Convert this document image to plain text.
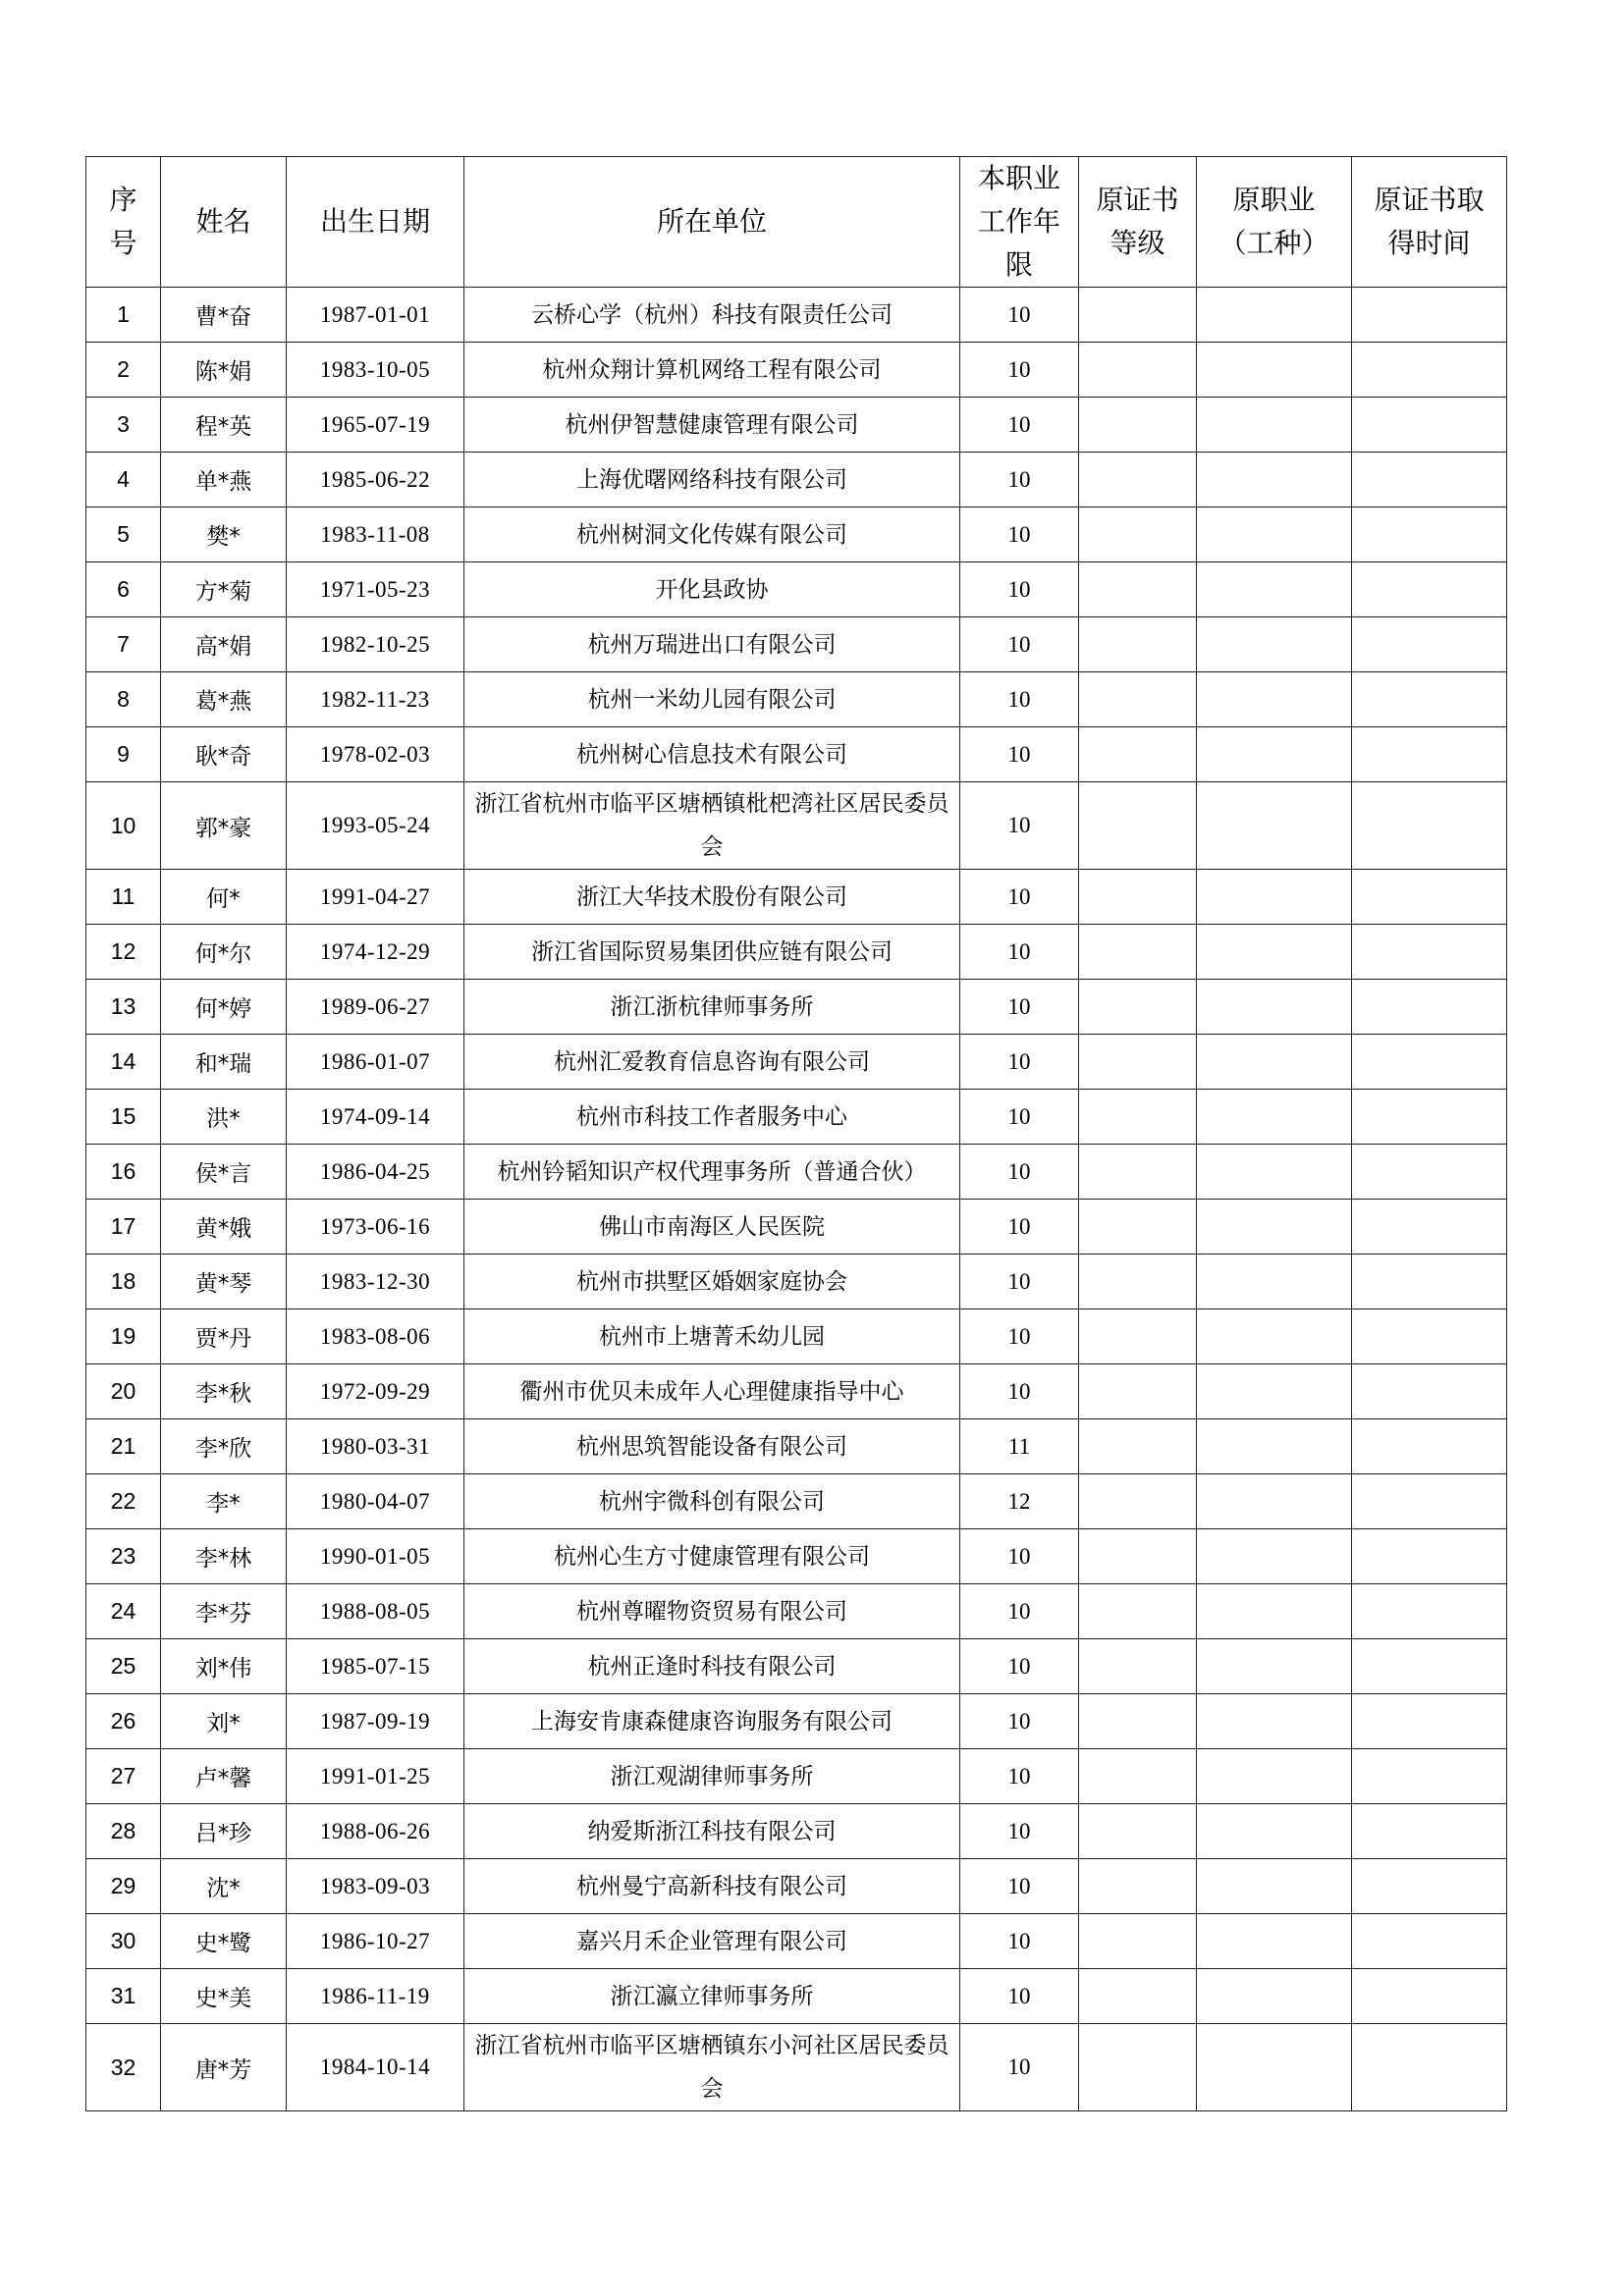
序号	姓名	出生日期	所在单位	本职业工作年限	原证书等级	原职业（工种）	原证书取得时间
1	曹*奋	1987-01-01	云桥心学（杭州）科技有限责任公司	10			
2	陈*娟	1983-10-05	杭州众翔计算机网络工程有限公司	10			
3	程*英	1965-07-19	杭州伊智慧健康管理有限公司	10			
4	单*燕	1985-06-22	上海优曙网络科技有限公司	10			
5	樊*	1983-11-08	杭州树洞文化传媒有限公司	10			
6	方*菊	1971-05-23	开化县政协	10			
7	高*娟	1982-10-25	杭州万瑞进出口有限公司	10			
8	葛*燕	1982-11-23	杭州一米幼儿园有限公司	10			
9	耿*奇	1978-02-03	杭州树心信息技术有限公司	10			
10	郭*豪	1993-05-24	浙江省杭州市临平区塘栖镇枇杷湾社区居民委员会	10			
11	何*	1991-04-27	浙江大华技术股份有限公司	10			
12	何*尔	1974-12-29	浙江省国际贸易集团供应链有限公司	10			
13	何*婷	1989-06-27	浙江浙杭律师事务所	10			
14	和*瑞	1986-01-07	杭州汇爱教育信息咨询有限公司	10			
15	洪*	1974-09-14	杭州市科技工作者服务中心	10			
16	侯*言	1986-04-25	杭州钤韬知识产权代理事务所（普通合伙）	10			
17	黄*娥	1973-06-16	佛山市南海区人民医院	10			
18	黄*琴	1983-12-30	杭州市拱墅区婚姻家庭协会	10			
19	贾*丹	1983-08-06	杭州市上塘菁禾幼儿园	10			
20	李*秋	1972-09-29	衢州市优贝未成年人心理健康指导中心	10			
21	李*欣	1980-03-31	杭州思筑智能设备有限公司	11			
22	李*	1980-04-07	杭州宇微科创有限公司	12			
23	李*林	1990-01-05	杭州心生方寸健康管理有限公司	10			
24	李*芬	1988-08-05	杭州尊曜物资贸易有限公司	10			
25	刘*伟	1985-07-15	杭州正逢时科技有限公司	10			
26	刘*	1987-09-19	上海安肯康森健康咨询服务有限公司	10			
27	卢*馨	1991-01-25	浙江观湖律师事务所	10			
28	吕*珍	1988-06-26	纳爱斯浙江科技有限公司	10			
29	沈*	1983-09-03	杭州曼宁高新科技有限公司	10			
30	史*鹭	1986-10-27	嘉兴月禾企业管理有限公司	10			
31	史*美	1986-11-19	浙江瀛立律师事务所	10			
32	唐*芳	1984-10-14	浙江省杭州市临平区塘栖镇东小河社区居民委员会	10			
